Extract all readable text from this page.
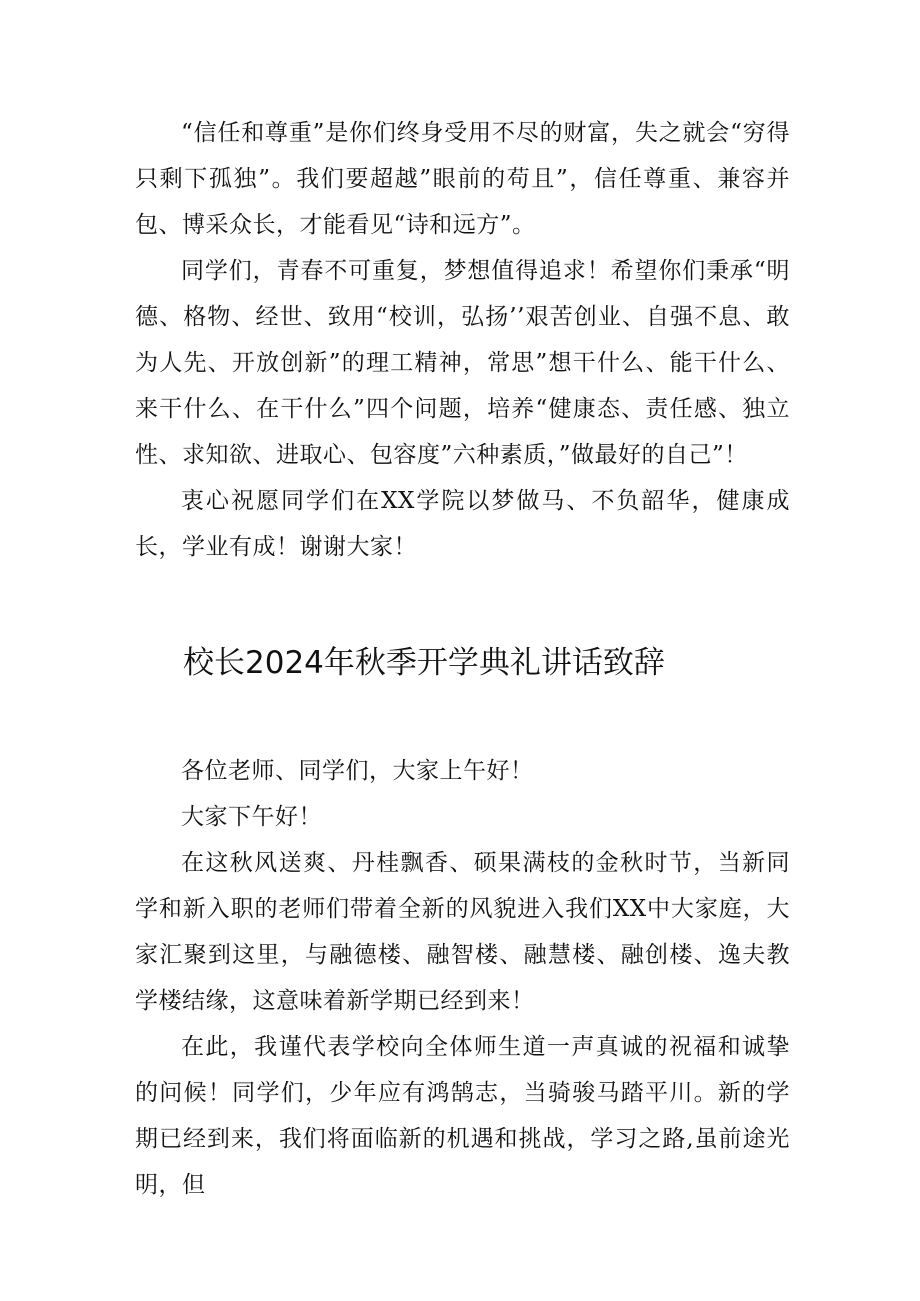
“信任和尊重”是你们终身受用不尽的财富，失之就会“穷得只剩下孤独”。我们要超越”眼前的苟且”，信任尊重、兼容并包、博采众长，才能看见“诗和远方”。

同学们，青春不可重复，梦想值得追求！希望你们秉承“明德、格物、经世、致用“校训，弘扬’’艰苦创业、自强不息、敢为人先、开放创新”的理工精神，常思”想干什么、能干什么、来干什么、在干什么”四个问题，培养“健康态、责任感、独立性、求知欲、进取心、包容度”六种素质，”做最好的自己”！

衷心祝愿同学们在XX学院以梦做马、不负韶华，健康成长，学业有成！谢谢大家！

校长2024年秋季开学典礼讲话致辞

各位老师、同学们，大家上午好！

大家下午好！

在这秋风送爽、丹桂飘香、硕果满枝的金秋时节，当新同学和新入职的老师们带着全新的风貌进入我们XX中大家庭，大家汇聚到这里，与融德楼、融智楼、融慧楼、融创楼、逸夫教学楼结缘，这意味着新学期已经到来！

在此，我谨代表学校向全体师生道一声真诚的祝福和诚挚的问候！同学们，少年应有鸿鹄志，当骑骏马踏平川。新的学期已经到来，我们将面临新的机遇和挑战，学习之路,虽前途光明，但
